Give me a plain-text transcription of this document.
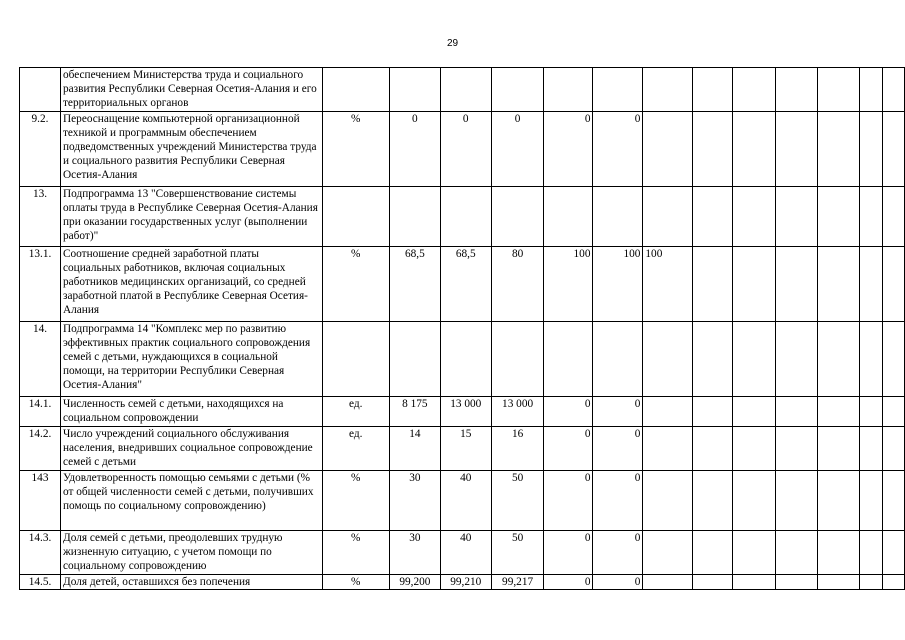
29
	обеспечением Министерства труда и социального развития Республики Северная Осетия-Алания и его территориальных органов													
9.2.	Переоснащение компьютерной организационной техникой и программным обеспечением подведомственных учреждений Министерства труда и социального развития Республики Северная Осетия-Алания	%	0	0	0	0	0							
13.	Подпрограмма 13 "Совершенствование системы оплаты труда в Республике Северная Осетия-Алания при оказании государственных услуг (выполнении работ)"													
13.1.	Соотношение средней заработной платы социальных работников, включая социальных работников медицинских организаций, со средней заработной платой в Республике Северная Осетия-Алания	%	68,5	68,5	80	100	100	100						
14.	Подпрограмма 14 "Комплекс мер по развитию эффективных практик социального сопровождения семей с детьми, нуждающихся в социальной помощи, на территории Республики Северная Осетия-Алания"													
14.1.	Численность семей с детьми, находящихся на социальном сопровождении	ед.	8 175	13 000	13 000	0	0							
14.2.	Число учреждений социального обслуживания населения, внедривших социальное сопровождение семей с детьми	ед.	14	15	16	0	0							
143	Удовлетворенность помощью семьями с детьми (% от общей численности семей с детьми, получивших помощь по социальному сопровождению)	%	30	40	50	0	0							
14.3.	Доля семей с детьми, преодолевших трудную жизненную ситуацию, с учетом помощи по социальному сопровождению	%	30	40	50	0	0							
14.5.	Доля детей, оставшихся без попечения	%	99,200	99,210	99,217	0	0							
